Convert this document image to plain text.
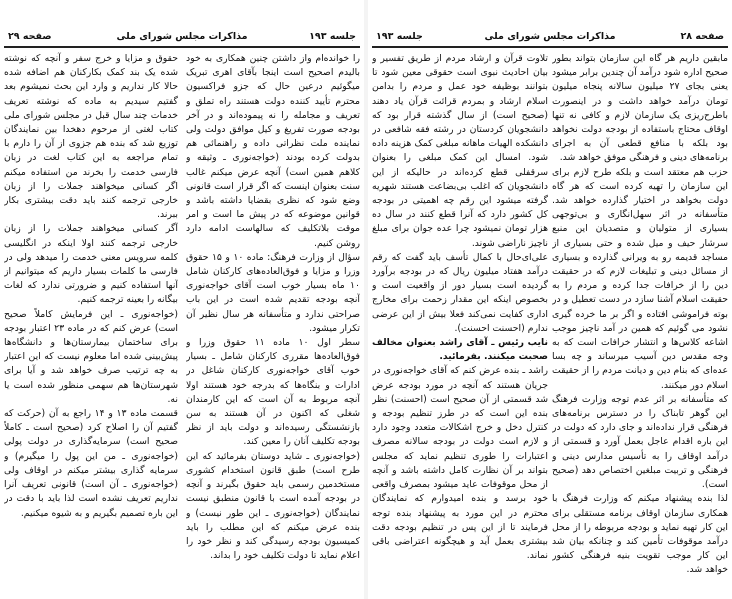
جلسه ۱۹۳
مذاکرات مجلس شورای ملی
صفحه ۲۹

را خوانده‌ام واز داشتن چنین همکاری به خود بالیدم اصحیح است اینجا بآقای اهری تبریک میگوئیم درعین حال که جزو فراکسیون محترم تأیید کننده دولت هستند راه تملق و تعریف و مجامله را نه پیموده‌اند و در آخر بودجه صورت تفریغ و کیل موافق دولت ولی نماینده ملت نظراتی داده و راهنمائی هم بدولت کرده بودند (خواجه‌نوری ـ وثیقه و کلاهم همین است) آنچه عرض میکنم غالب سنت بعنوان اینست که اگر قرار است قانونی وضع شود که نظری بقضایا داشته باشد و قوانین موضوعه که در پیش ما است و امر موقت بلاتکلیف که سالهاست ادامه دارد روشن کنیم.

سؤال از وزارت فرهنگ: ماده ۱۰ و ۱۵ حقوق وزرا و مزایا و فوق‌العاده‌های کارکنان شامل ۱۰ ماه بسیار خوب است آقای خواجه‌نوری آنچه بودجه تقدیم شده است در این باب صراحتی ندارد و متأسفانه هر سال نظیر آن تکرار میشود.

سطر اول ۱۰ ماده ۱۱ حقوق وزرا و فوق‌العاده‌ها مقرری کارکنان شامل ـ بسیار خوب آقای خواجه‌نوری کارکنان شاغل در ادارات و بنگاه‌ها که بدرجه خود هستند اولا آنچه مربوط به آن است که این کارمندان شغلی که اکنون در آن هستند به سن بازنشستگی رسیده‌اند و دولت باید از نظر بودجه تکلیف آنان را معین کند.

(خواجه‌نوری ـ شاید دوستان بفرمائید که این طرح است) طبق قانون استخدام کشوری مستخدمین رسمی باید حقوق بگیرند و آنچه در بودجه آمده است با قانون منطبق نیست نمایندگان (خواجه‌نوری ـ این طور نیست) و بنده عرض میکنم که این مطلب را باید کمیسیون بودجه رسیدگی کند و نظر خود را اعلام نماید تا دولت تکلیف خود را بداند.

حقوق و مزایا و خرج سفر و آنچه که نوشته شده یک بند کمک بکارکنان هم اضافه شده حالا کار نداریم و وارد این بحث نمیشوم بعد گفتیم سیدیم به ماده که نوشته تعریف خدمات چند سال قبل در مجلس شورای ملی کتاب لغتی از مرحوم دهخدا بین نمایندگان توزیع شد که بنده هم جزوی از آن را دارم با تمام مراجعه به این کتاب لغت در زبان فارسی خدمت را بخرند من استفاده میکنم اگر کسانی میخواهند جملات را از زبان خارجی ترجمه کنند باید دقت بیشتری بکار ببرند.

آگر کسانی میخواهند جملات را از زبان خارجی ترجمه کنند اولا اینکه در انگلیسی کلمه سرویس معنی خدمت را میدهد ولی در فارسی ما کلمات بسیار داریم که میتوانیم از آنها استفاده کنیم و ضرورتی ندارد که لغات بیگانه را بعینه ترجمه کنیم.

(خواجه‌نوری ـ این فرمایش کاملاً صحیح است) عرض کنم که در ماده ۲۳ اعتبار بودجه برای ساختمان بیمارستان‌ها و دانشگاه‌ها پیش‌بینی شده اما معلوم نیست که این اعتبار به چه ترتیب صرف خواهد شد و آیا برای شهرستان‌ها هم سهمی منظور شده است یا نه.

قسمت ماده ۱۳ و ۱۴ راجع به آن (حرکت که گفتیم آن را اصلاح کرد (صحیح است ـ کاملاً صحیح است) سرمایه‌گذاری در دولت پولی (خواجه‌نوری ـ من این پول را میگیرم) و سرمایه گذاری بیشتر میکنم در اوقاف ولی (خواجه‌نوری ـ آن است) قانونی تعریف آنرا نداریم تعریف نشده است لذا باید با دقت در این باره تصمیم بگیریم و به شیوه میکنیم.

صفحه ۲۸
مذاکرات مجلس شورای ملی
جلسه ۱۹۳

مابقین داریم هر گاه این سازمان بتواند بطور صحیح اداره شود درآمد آن چندین برابر میشود یعنی بجای ۲۷ میلیون سالانه پنجاه میلیون تومان درآمد خواهد داشت و در اینصورت باطرح‌ریزی یک سازمان لازم و کافی نه تنها اوقاف محتاج باستفاده از بودجه دولت نخواهد بود بلکه با منافع قطعی آن به اجرای برنامه‌های دینی و فرهنگی موفق خواهد شد.

حزب هم معتقد است و بلکه طرح لازم برای این سازمان را تهیه کرده است که هر گاه دولت بخواهد در اختیار گذارده خواهد شد. متأسفانه در اثر سهل‌انگاری و بی‌توجهی بسیاری از متولیان و متصدیان این منبع سرشار حیف و میل شده و حتی بسیاری از مساجد قدیمه رو به ویرانی گذارده و بسیاری از مسائل دینی و تبلیغات لازم که در حقیقت دین را از خرافات جدا کرده و مردم را به حقیقت اسلام آشنا سازد در دست تعطیل و در بوته فراموشی افتاده و اگر بر ما خرده گیری نشود می گوئیم که همین در آمد ناچیز موجب اشاعه کلاس‌ها و انتشار خرافات است که به وجه مقدس دین آسیب میرساند و چه بسا عده‌ای که بنام دین و دیانت مردم را از حقیقت اسلام دور میکنند.

که متأسفانه بر اثر عدم توجه وزارت فرهنگ این گوهر تابناک را در دسترس برنامه‌های فرهنگی قرار نداده‌اند و جای دارد که دولت در این باره اقدام عاجل بعمل آورد و قسمتی از درآمد اوقاف را به تأسیس مدارس دینی و فرهنگی و تربیت مبلغین اختصاص دهد (صحیح است).

لذا بنده پیشنهاد میکنم که وزارت فرهنگ با همکاری سازمان اوقاف برنامه مستقلی برای این کار تهیه نماید و بودجه مربوطه را از محل درآمد موقوفات تأمین کند و چنانکه بیان شد این کار موجب تقویت بنیه فرهنگی کشور خواهد شد.

تلاوت قرآن و ارشاد مردم از طریق تفسیر و بیان احادیث نبوی است حقوقی معین شود تا بتوانند بوظیفه خود عمل و مردم را بدامن اسلام ارشاد و بمردم قرائت قرآن یاد دهند (صحیح است) از سال گذشته قرار بود که دانشجویان کردستان در رشته فقه شافعی در دانشکده الهیات ماهانه مبلغی کمک هزینه داده شود. امسال این کمک مبلغی را بعنوان سرقفلی قطع کرده‌اند در حالیکه از این دانشجویان که اغلب بی‌بضاعت هستند شهریه گرفته میشود این رقم چه اهمیتی در بودجه کل کشور دارد که آنرا قطع کنند در سال ده هزار تومان نمیشود چرا عده جوان برای مبلغ ناچیز ناراضی شوند.

علی‌ای‌حال با کمال تأسف باید گفت که رقم درآمد هفتاد میلیون ریال که در بودجه برآورد گردیده است بسیار دور از واقعیت است و بخصوص اینکه این مقدار زحمت برای مخارج اداری کفایت نمی‌کند فعلا بیش از این عرضی ندارم (احسنت احسنت).

نایب رئیس ـ آقای راشد بعنوان مخالف صحبت میکنند. بفرمائید.

راشد ـ بنده عرض کنم که آقای خواجه‌نوری در جریان هستند که آنچه در مورد بودجه عرض شد قسمتی از آن صحیح است (احسنت) نظر بنده این است که در طرز تنظیم بودجه و کنترل دخل و خرج اشکالات متعدد وجود دارد و لازم است دولت در بودجه سالانه مصرف اعتبارات را طوری تنظیم نماید که مجلس بتواند بر آن نظارت کامل داشته باشد و آنچه از محل موقوفات عاید میشود بمصرف واقعی خود برسد و بنده امیدوارم که نمایندگان محترم در این مورد به پیشنهاد بنده توجه فرمایند تا از این پس در تنظیم بودجه دقت بیشتری بعمل آید و هیچگونه اعتراضی باقی نماند.
